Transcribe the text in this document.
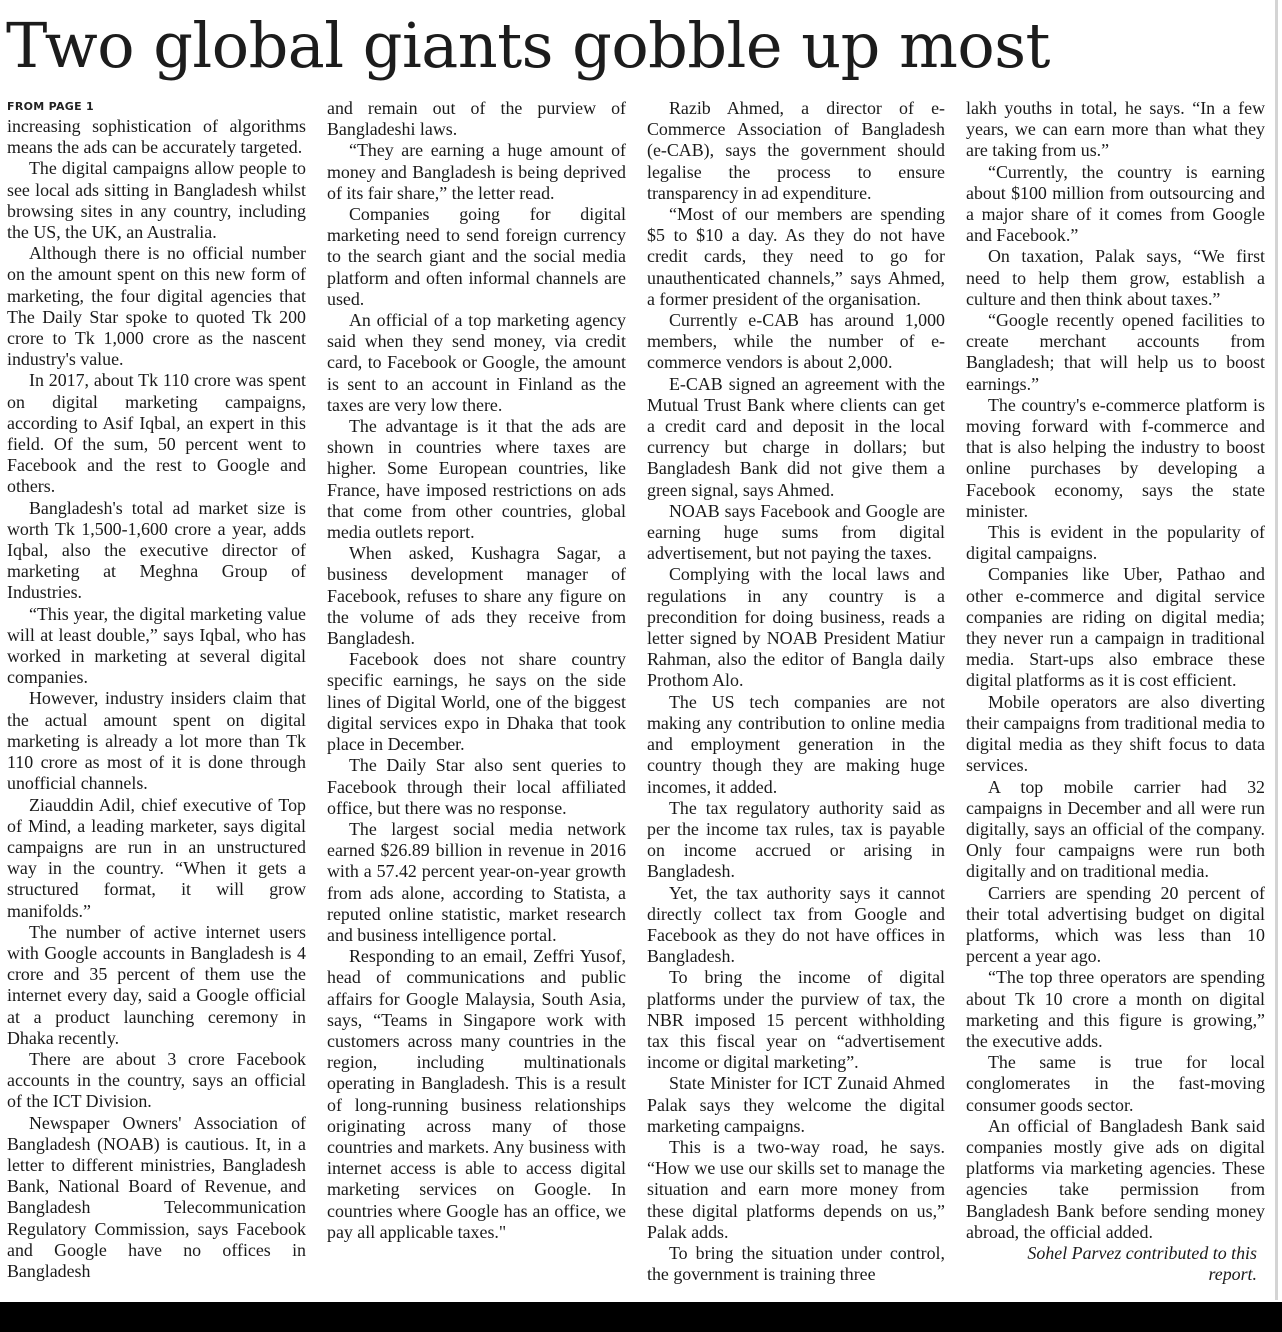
Two global giants gobble up most
FROM PAGE 1

increasing sophistication of algorithms means the ads can be accurately targeted.

The digital campaigns allow people to see local ads sitting in Bangladesh whilst browsing sites in any country, including the US, the UK, an Australia.

Although there is no official number on the amount spent on this new form of marketing, the four digital agencies that The Daily Star spoke to quoted Tk 200 crore to Tk 1,000 crore as the nascent industry's value.

In 2017, about Tk 110 crore was spent on digital marketing campaigns, according to Asif Iqbal, an expert in this field. Of the sum, 50 percent went to Facebook and the rest to Google and others.

Bangladesh's total ad market size is worth Tk 1,500-1,600 crore a year, adds Iqbal, also the executive director of marketing at Meghna Group of Industries.

“This year, the digital marketing value will at least double,” says Iqbal, who has worked in marketing at several digital companies.

However, industry insiders claim that the actual amount spent on digital marketing is already a lot more than Tk 110 crore as most of it is done through unofficial channels.

Ziauddin Adil, chief executive of Top of Mind, a leading marketer, says digital campaigns are run in an unstructured way in the country. “When it gets a structured format, it will grow manifolds.”

The number of active internet users with Google accounts in Bangladesh is 4 crore and 35 percent of them use the internet every day, said a Google official at a product launching ceremony in Dhaka recently.

There are about 3 crore Facebook accounts in the country, says an official of the ICT Division.

Newspaper Owners' Association of Bangladesh (NOAB) is cautious. It, in a letter to different ministries, Bangladesh Bank, National Board of Revenue, and Bangladesh Telecommunication Regulatory Commission, says Facebook and Google have no offices in Bangladesh

and remain out of the purview of Bangladeshi laws.

“They are earning a huge amount of money and Bangladesh is being deprived of its fair share,” the letter read.

Companies going for digital marketing need to send foreign currency to the search giant and the social media platform and often informal channels are used.

An official of a top marketing agency said when they send money, via credit card, to Facebook or Google, the amount is sent to an account in Finland as the taxes are very low there.

The advantage is it that the ads are shown in countries where taxes are higher. Some European countries, like France, have imposed restrictions on ads that come from other countries, global media outlets report.

When asked, Kushagra Sagar, a business development manager of Facebook, refuses to share any figure on the volume of ads they receive from Bangladesh.

Facebook does not share country specific earnings, he says on the side lines of Digital World, one of the biggest digital services expo in Dhaka that took place in December.

The Daily Star also sent queries to Facebook through their local affiliated office, but there was no response.

The largest social media network earned $26.89 billion in revenue in 2016 with a 57.42 percent year-on-year growth from ads alone, according to Statista, a reputed online statistic, market research and business intelligence portal.

Responding to an email, Zeffri Yusof, head of communications and public affairs for Google Malaysia, South Asia, says, “Teams in Singapore work with customers across many countries in the region, including multinationals operating in Bangladesh. This is a result of long-running business relationships originating across many of those countries and markets. Any business with internet access is able to access digital marketing services on Google. In countries where Google has an office, we pay all applicable taxes."

Razib Ahmed, a director of e-Commerce Association of Bangladesh (e-CAB), says the government should legalise the process to ensure transparency in ad expenditure.

“Most of our members are spending $5 to $10 a day. As they do not have credit cards, they need to go for unauthenticated channels,” says Ahmed, a former president of the organisation.

Currently e-CAB has around 1,000 members, while the number of e-commerce vendors is about 2,000.

E-CAB signed an agreement with the Mutual Trust Bank where clients can get a credit card and deposit in the local currency but charge in dollars; but Bangladesh Bank did not give them a green signal, says Ahmed.

NOAB says Facebook and Google are earning huge sums from digital advertisement, but not paying the taxes.

Complying with the local laws and regulations in any country is a precondition for doing business, reads a letter signed by NOAB President Matiur Rahman, also the editor of Bangla daily Prothom Alo.

The US tech companies are not making any contribution to online media and employment generation in the country though they are making huge incomes, it added.

The tax regulatory authority said as per the income tax rules, tax is payable on income accrued or arising in Bangladesh.

Yet, the tax authority says it cannot directly collect tax from Google and Facebook as they do not have offices in Bangladesh.

To bring the income of digital platforms under the purview of tax, the NBR imposed 15 percent withholding tax this fiscal year on “advertisement income or digital marketing”.

State Minister for ICT Zunaid Ahmed Palak says they welcome the digital marketing campaigns.

This is a two-way road, he says. “How we use our skills set to manage the situation and earn more money from these digital platforms depends on us,” Palak adds.

To bring the situation under control, the government is training three

lakh youths in total, he says. “In a few years, we can earn more than what they are taking from us.”

“Currently, the country is earning about $100 million from outsourcing and a major share of it comes from Google and Facebook.”

On taxation, Palak says, “We first need to help them grow, establish a culture and then think about taxes.”

“Google recently opened facilities to create merchant accounts from Bangladesh; that will help us to boost earnings.”

The country's e-commerce platform is moving forward with f-commerce and that is also helping the industry to boost online purchases by developing a Facebook economy, says the state minister.

This is evident in the popularity of digital campaigns.

Companies like Uber, Pathao and other e-commerce and digital service companies are riding on digital media; they never run a campaign in traditional media. Start-ups also embrace these digital platforms as it is cost efficient.

Mobile operators are also diverting their campaigns from traditional media to digital media as they shift focus to data services.

A top mobile carrier had 32 campaigns in December and all were run digitally, says an official of the company. Only four campaigns were run both digitally and on traditional media.

Carriers are spending 20 percent of their total advertising budget on digital platforms, which was less than 10 percent a year ago.

“The top three operators are spending about Tk 10 crore a month on digital marketing and this figure is growing,” the executive adds.

The same is true for local conglomerates in the fast-moving consumer goods sector.

An official of Bangladesh Bank said companies mostly give ads on digital platforms via marketing agencies. These agencies take permission from Bangladesh Bank before sending money abroad, the official added.

Sohel Parvez contributed to this report.
